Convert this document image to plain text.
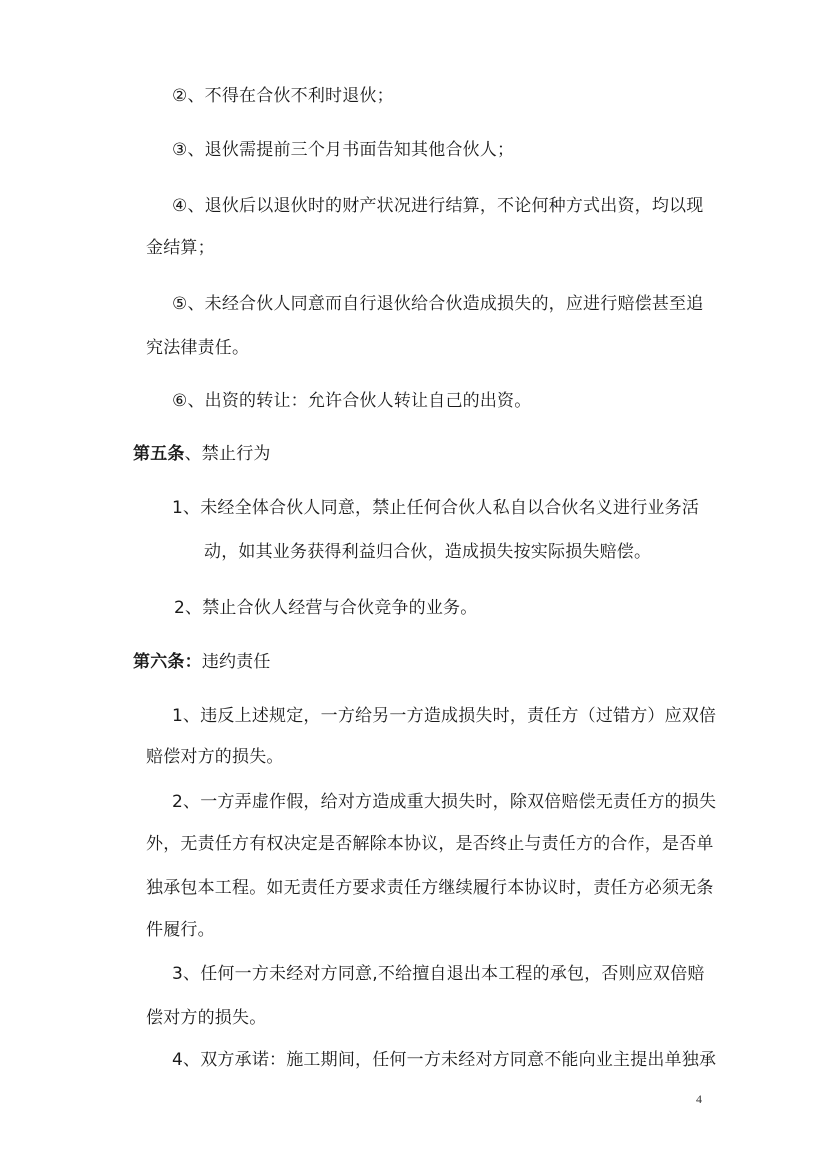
②、不得在合伙不利时退伙；
③、退伙需提前三个月书面告知其他合伙人；
④、退伙后以退伙时的财产状况进行结算，不论何种方式出资，均以现
金结算；
⑤、未经合伙人同意而自行退伙给合伙造成损失的，应进行赔偿甚至追
究法律责任。
⑥、出资的转让：允许合伙人转让自己的出资。
第五条、禁止行为
1、未经全体合伙人同意，禁止任何合伙人私自以合伙名义进行业务活
动，如其业务获得利益归合伙，造成损失按实际损失赔偿。
2、禁止合伙人经营与合伙竞争的业务。
第六条：违约责任
1、违反上述规定，一方给另一方造成损失时，责任方（过错方）应双倍
赔偿对方的损失。
2、一方弄虚作假，给对方造成重大损失时，除双倍赔偿无责任方的损失
外，无责任方有权决定是否解除本协议，是否终止与责任方的合作，是否单
独承包本工程。如无责任方要求责任方继续履行本协议时，责任方必须无条
件履行。
3、任何一方未经对方同意,不给擅自退出本工程的承包，否则应双倍赔
偿对方的损失。
4、双方承诺：施工期间，任何一方未经对方同意不能向业主提出单独承
4
